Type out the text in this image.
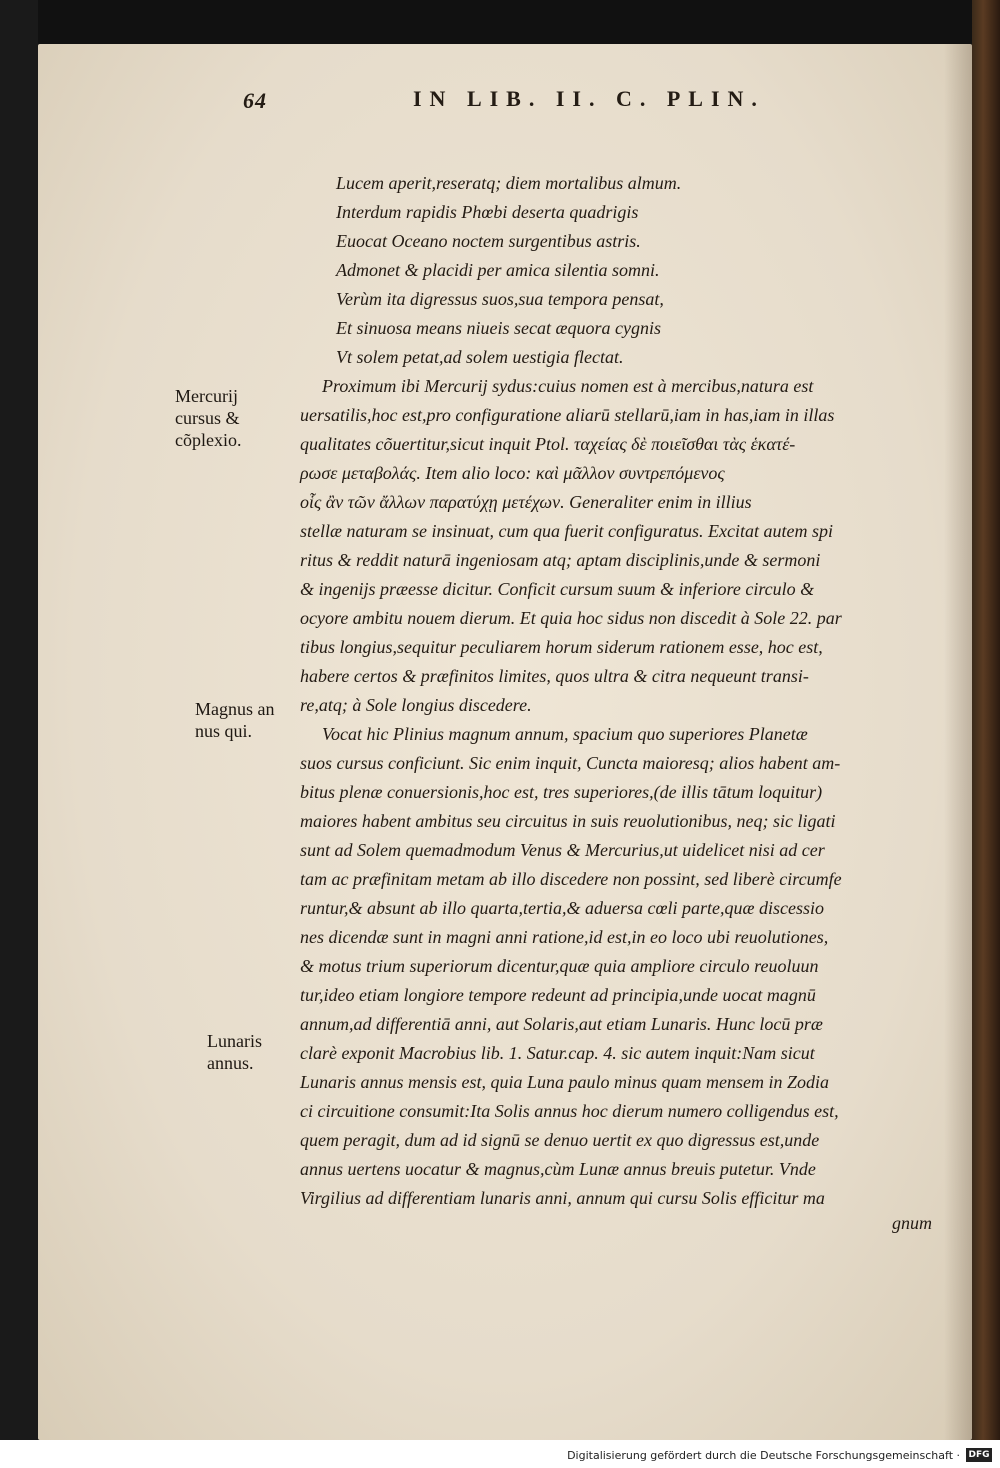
64	IN LIB. II. C. PLIN.
Lucem aperit,reseratq; diem mortalibus almum.
Interdum rapidis Phœbi deserta quadrigis
Euocat Oceano noctem surgentibus astris.
Admonet & placidi per amica silentia somni.
Verùm ita digressus suos,sua tempora pensat,
Et sinuosa means niueis secat æquora cygnis
Vt solem petat,ad solem uestigia flectat.
Proximum ibi Mercurij sydus:cuius nomen est à mercibus,natura est
uersatilis,hoc est,pro configuratione aliarū stellarū,iam in has,iam in illas
qualitates cõuertitur,sicut inquit Ptol. ταχείας δὲ ποιεῖσθαι τὰς ἑκατέ-
ρωσε μεταβολάς. Item alio loco: καὶ μᾶλλον συντρεπόμενος
οἷς ἂν τῶν ἄλλων παρατύχῃ μετέχων. Generaliter enim in illius
stellæ naturam se insinuat, cum qua fuerit configuratus. Excitat autem spi
ritus & reddit naturā ingeniosam atq; aptam disciplinis,unde & sermoni
& ingenijs præesse dicitur. Conficit cursum suum & inferiore circulo &
ocyore ambitu nouem dierum. Et quia hoc sidus non discedit à Sole 22. par
tibus longius,sequitur peculiarem horum siderum rationem esse, hoc est,
habere certos & præfinitos limites, quos ultra & citra nequeunt transi-
re,atq; à Sole longius discedere.
Vocat hic Plinius magnum annum, spacium quo superiores Planetæ
suos cursus conficiunt. Sic enim inquit, Cuncta maioresq; alios habent am-
bitus plenæ conuersionis,hoc est, tres superiores,(de illis tātum loquitur)
maiores habent ambitus seu circuitus in suis reuolutionibus, neq; sic ligati
sunt ad Solem quemadmodum Venus & Mercurius,ut uidelicet nisi ad cer
tam ac præfinitam metam ab illo discedere non possint, sed liberè circumfe
runtur,& absunt ab illo quarta,tertia,& aduersa cœli parte,quæ discessio
nes dicendæ sunt in magni anni ratione,id est,in eo loco ubi reuolutiones,
& motus trium superiorum dicentur,quæ quia ampliore circulo reuoluun
tur,ideo etiam longiore tempore redeunt ad principia,unde uocat magnū
annum,ad differentiā anni, aut Solaris,aut etiam Lunaris. Hunc locū præ
clarè exponit Macrobius lib. 1. Satur.cap. 4. sic autem inquit:Nam sicut
Lunaris annus mensis est, quia Luna paulo minus quam mensem in Zodia
ci circuitione consumit:Ita Solis annus hoc dierum numero colligendus est,
quem peragit, dum ad id signū se denuo uertit ex quo digressus est,unde
annus uertens uocatur & magnus,cùm Lunæ annus breuis putetur. Vnde
Virgilius ad differentiam lunaris anni, annum qui cursu Solis efficitur ma
gnum
Mercurij
cursus &
cõplexio.
Magnus an
nus qui.
Lunaris
annus.
Digitalisierung gefördert durch die Deutsche Forschungsgemeinschaft · DFG
